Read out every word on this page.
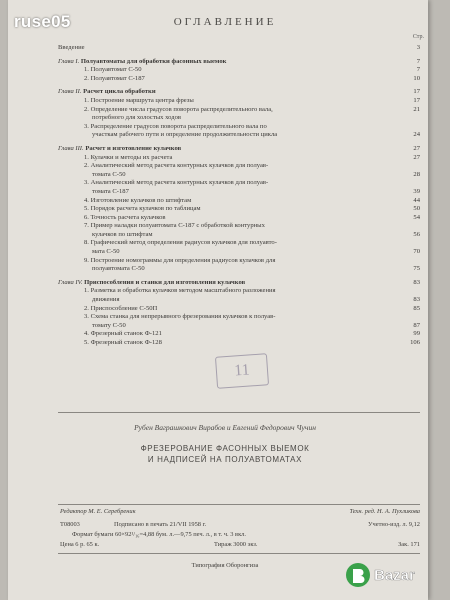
ruse05	ОГЛАВЛЕНИЕ
Стр.
Введение	3
Глава I. Полуавтоматы для обработки фасонных выемок	7
1. Полуавтомат С-50	7
2. Полуавтомат С-187	10
Глава II. Расчет цикла обработки	17
1. Построение маршрута центра фрезы	17
2. Определение числа градусов поворота распределительного вала,	21
потребного для холостых ходов
3. Распределение градусов поворота распределительного вала по
участкам рабочего пути и определение продолжительности цикла	24
Глава III. Расчет и изготовление кулачков	27
1. Кулачки и методы их расчета	27
2. Аналитический метод расчета контурных кулачков для полуав-
томата С-50	28
3. Аналитический метод расчета контурных кулачков для полуав-
томата С-187	39
4. Изготовление кулачков по штифтам	44
5. Порядок расчета кулачков по таблицам	50
6. Точность расчета кулачков	54
7. Пример наладки полуавтомата С-187 с обработкой контурных
кулачков по штифтам	56
8. Графический метод определения радиусов кулачков для полуавто-
мата С-50	70
9. Построение номограммы для определения радиусов кулачков для
полуавтомата С-50	75
Глава IV. Приспособления и станки для изготовления кулачков	83
1. Разметка и обработка кулачков методом масштабного разложения
движения	83
2. Приспособление С-50П	85
3. Схема станка для непрерывного фрезерования кулачков к полуав-
томату С-50	87
4. Фрезерный станок Ф-121	99
5. Фрезерный станок Ф-128	106
11
Рубен Ваграшкович Вирабов и Евгений Федорович Чучин
ФРЕЗЕРОВАНИЕ ФАСОННЫХ ВЫЕМОК
И НАДПИСЕЙ НА ПОЛУАВТОМАТАХ
Редактор М. Е. Серебреник	Техн. ред. Н. А. Пухликова
Т08003	Подписано в печать 21/VII 1958 г.	Учетно-изд. л. 9,12
Формат бумаги 60×92¹/₁₆=4,88 бум. л.—9,75 печ. л., в т. ч. 3 вкл.
Цена 6 р. 65 к.	Тираж 3000 экз.	Зак. 171
Типография Оборонгиза
Bazar
